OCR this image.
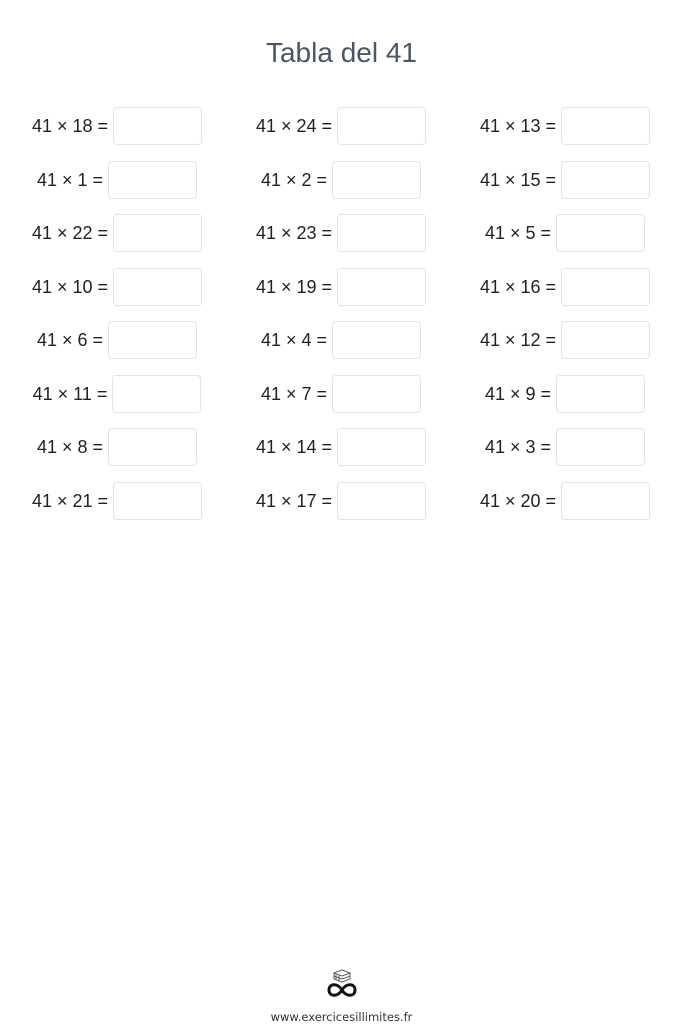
Tabla del 41
41 × 18 =	41 × 24 =	41 × 13 =
41 × 1 =	41 × 2 =	41 × 15 =
41 × 22 =	41 × 23 =	41 × 5 =
41 × 10 =	41 × 19 =	41 × 16 =
41 × 6 =	41 × 4 =	41 × 12 =
41 × 11 =	41 × 7 =	41 × 9 =
41 × 8 =	41 × 14 =	41 × 3 =
41 × 21 =	41 × 17 =	41 × 20 =
www.exercicesillimites.fr
